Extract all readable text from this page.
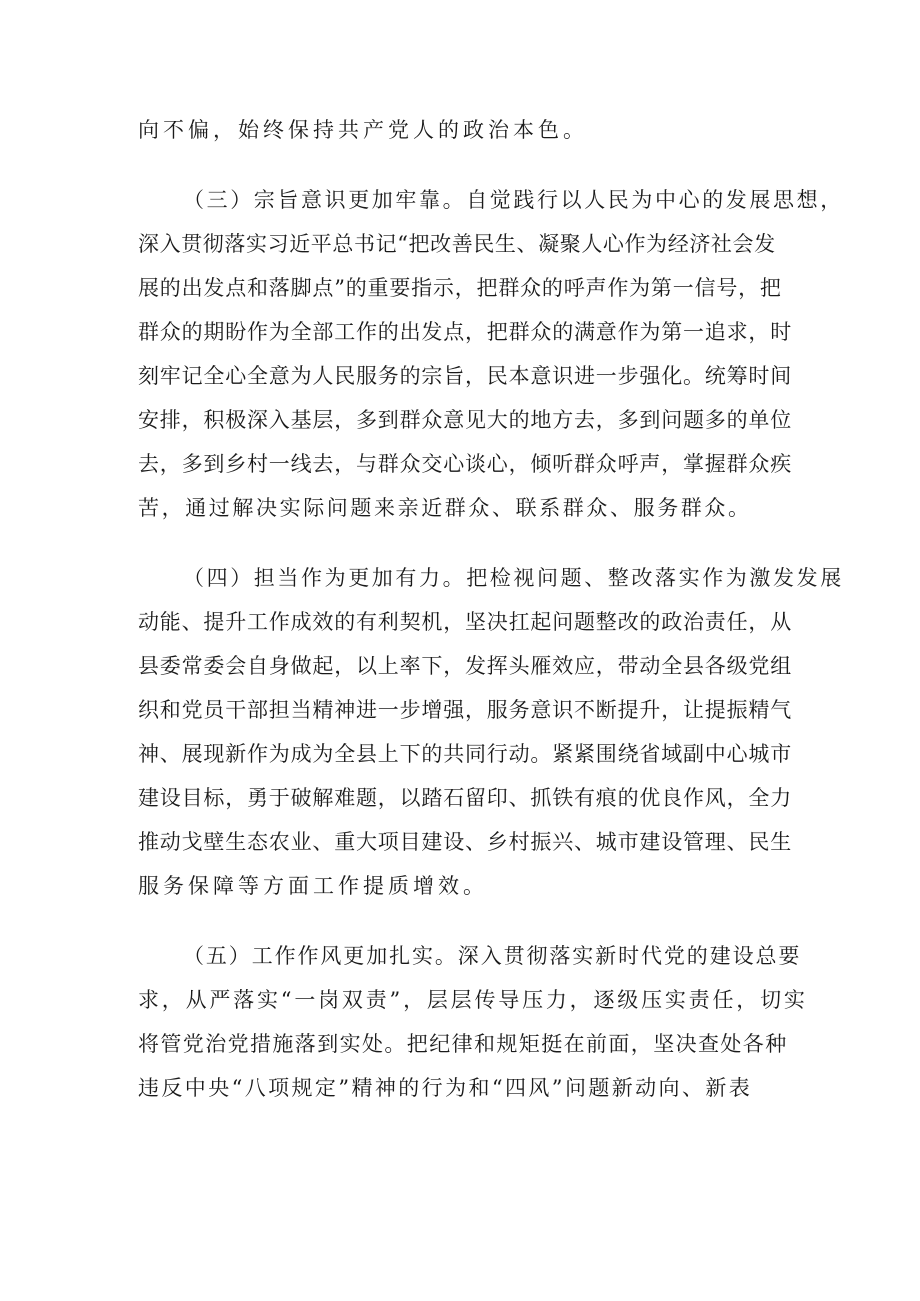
向不偏，始终保持共产党人的政治本色。
（三）宗旨意识更加牢靠。自觉践行以人民为中心的发展思想，
深入贯彻落实习近平总书记“把改善民生、凝聚人心作为经济社会发
展的出发点和落脚点”的重要指示，把群众的呼声作为第一信号，把
群众的期盼作为全部工作的出发点，把群众的满意作为第一追求，时
刻牢记全心全意为人民服务的宗旨，民本意识进一步强化。统筹时间
安排，积极深入基层，多到群众意见大的地方去，多到问题多的单位
去，多到乡村一线去，与群众交心谈心，倾听群众呼声，掌握群众疾
苦，通过解决实际问题来亲近群众、联系群众、服务群众。
（四）担当作为更加有力。把检视问题、整改落实作为激发发展
动能、提升工作成效的有利契机，坚决扛起问题整改的政治责任，从
县委常委会自身做起，以上率下，发挥头雁效应，带动全县各级党组
织和党员干部担当精神进一步增强，服务意识不断提升，让提振精气
神、展现新作为成为全县上下的共同行动。紧紧围绕省域副中心城市
建设目标，勇于破解难题，以踏石留印、抓铁有痕的优良作风，全力
推动戈壁生态农业、重大项目建设、乡村振兴、城市建设管理、民生
服务保障等方面工作提质增效。
（五）工作作风更加扎实。深入贯彻落实新时代党的建设总要
求，从严落实“一岗双责”，层层传导压力，逐级压实责任，切实
将管党治党措施落到实处。把纪律和规矩挺在前面，坚决查处各种
违反中央“八项规定”精神的行为和“四风”问题新动向、新表
